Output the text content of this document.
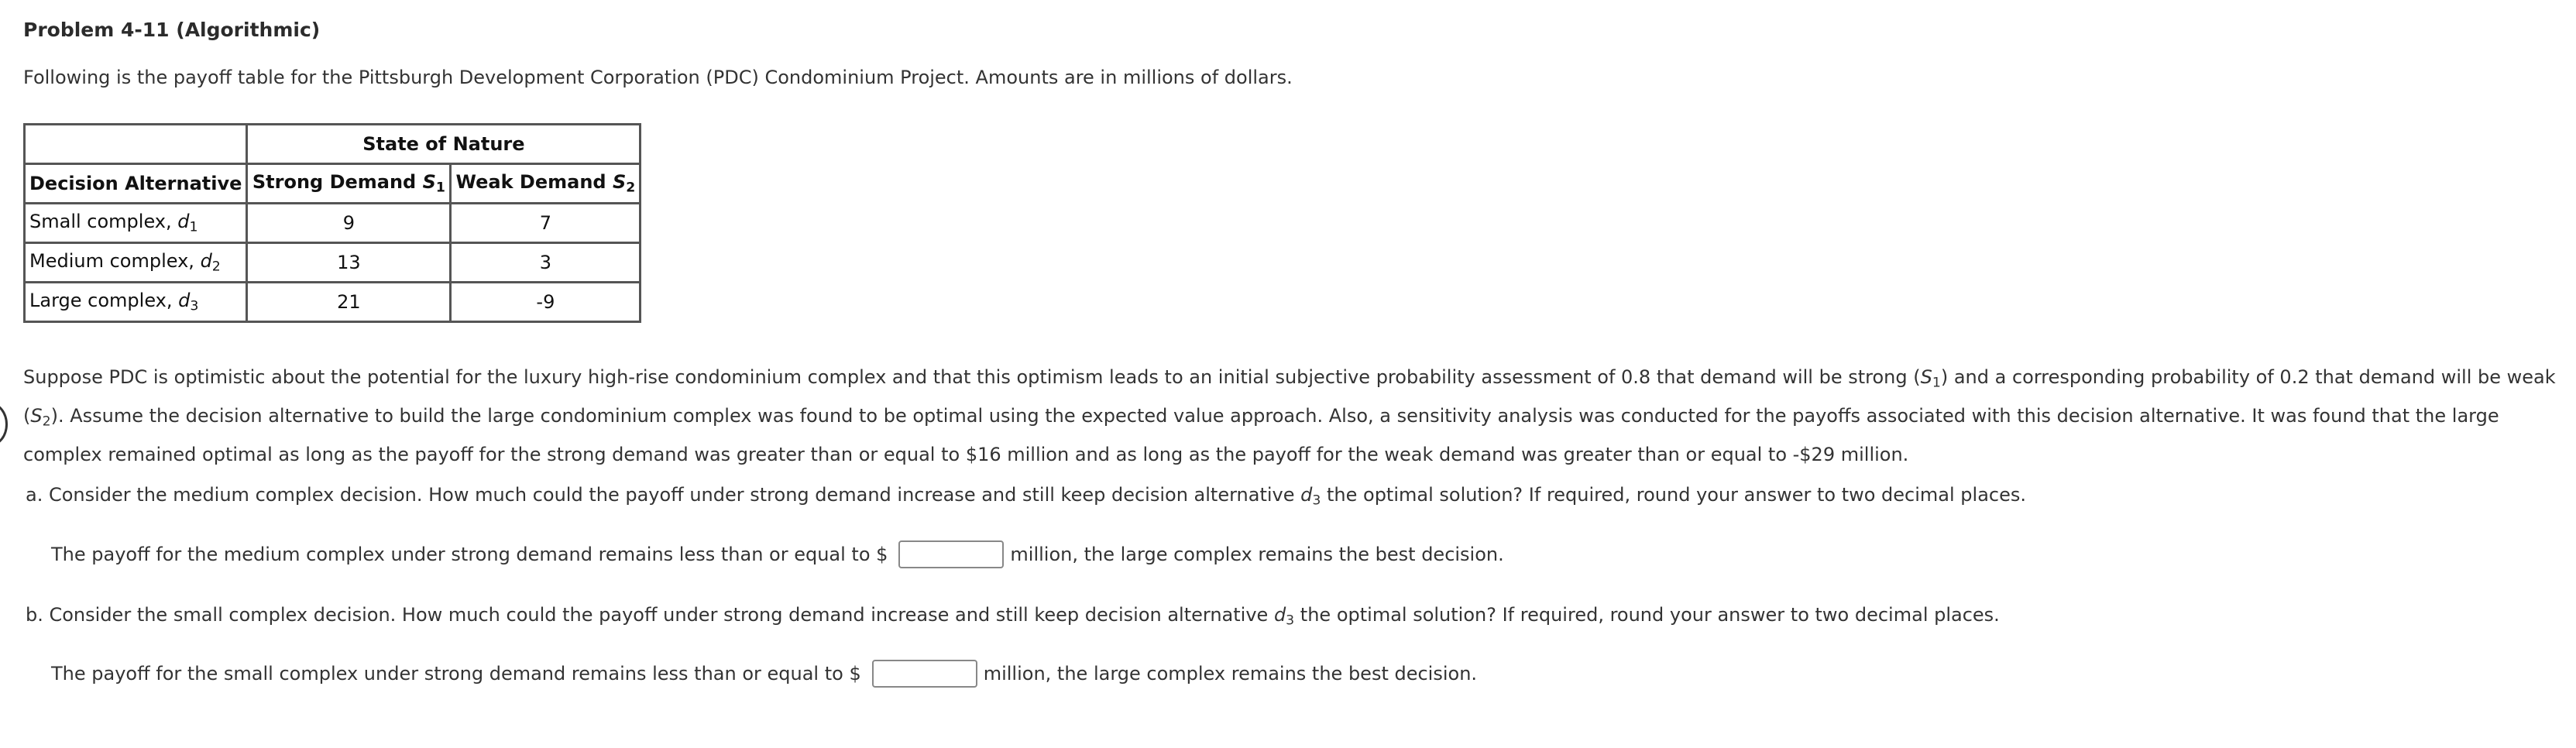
Problem 4-11 (Algorithmic)
Following is the payoff table for the Pittsburgh Development Corporation (PDC) Condominium Project. Amounts are in millions of dollars.
	State of Nature	
Decision Alternative	Strong Demand $S_1$	Weak Demand $S_2$
Small complex, $d_1$	9	7
Medium complex, $d_2$	13	3
Large complex, $d_3$	21	-9
Suppose PDC is optimistic about the potential for the luxury high-rise condominium complex and that this optimism leads to an initial subjective probability assessment of 0.8 that demand will be strong $(S_1)$ and a corresponding probability of 0.2 that demand will be weak $(S_2)$. Assume the decision alternative to build the large condominium complex was found to be optimal using the expected value approach. Also, a sensitivity analysis was conducted for the payoffs associated with this decision alternative. It was found that the large complex remained optimal as long as the payoff for the strong demand was greater than or equal to $16 million and as long as the payoff for the weak demand was greater than or equal to -$29 million.
a. Consider the medium complex decision. How much could the payoff under strong demand increase and still keep decision alternative $d_3$ the optimal solution? If required, round your answer to two decimal places.
The payoff for the medium complex under strong demand remains less than or equal to $	million, the large complex remains the best decision.
b. Consider the small complex decision. How much could the payoff under strong demand increase and still keep decision alternative $d_3$ the optimal solution? If required, round your answer to two decimal places.
The payoff for the small complex under strong demand remains less than or equal to $	million, the large complex remains the best decision.
